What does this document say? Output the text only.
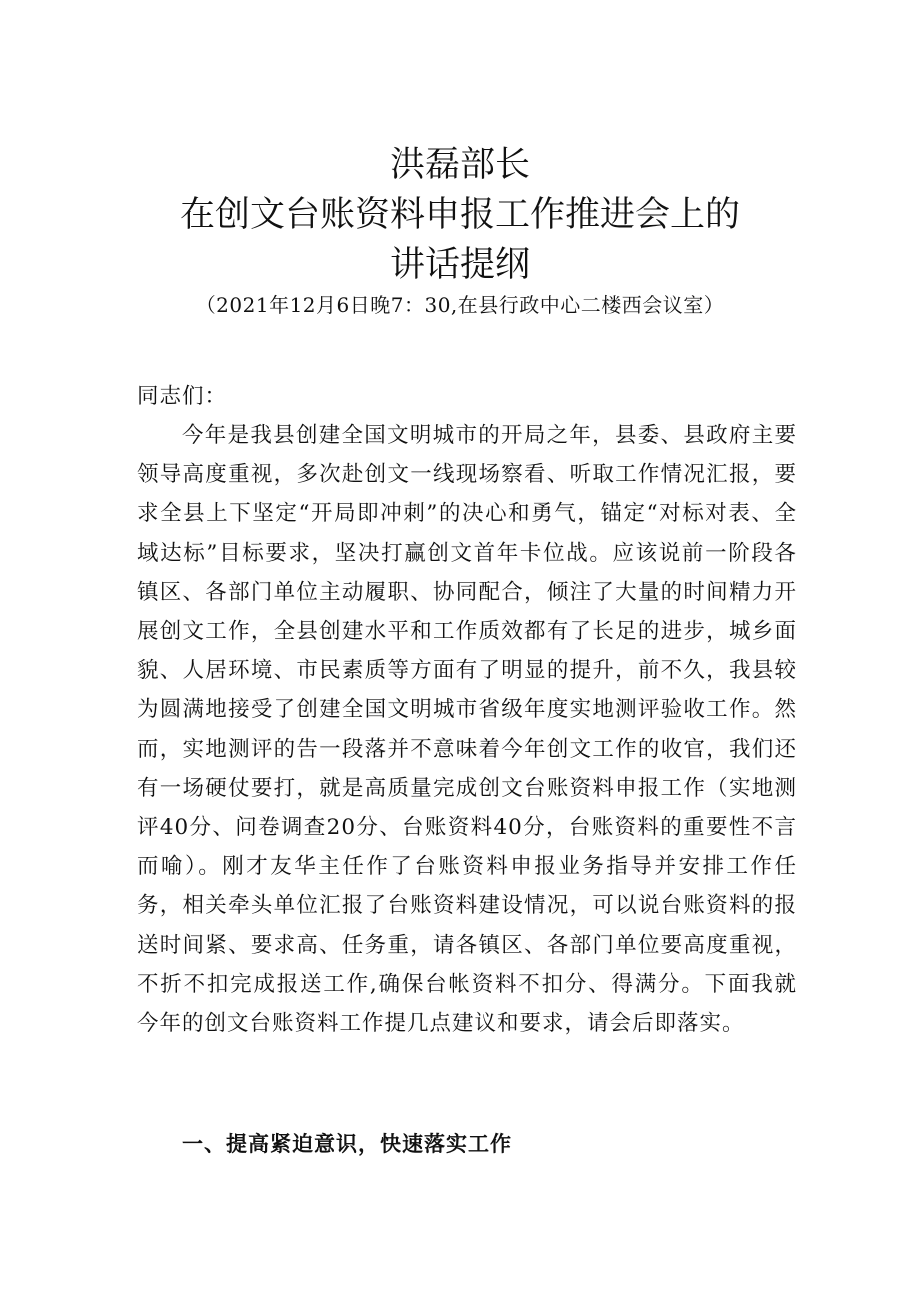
洪磊部长
在创文台账资料申报工作推进会上的
讲话提纲
（2021年12月6日晚7：30,在县行政中心二楼西会议室）

同志们：

今年是我县创建全国文明城市的开局之年，县委、县政府主要领导高度重视，多次赴创文一线现场察看、听取工作情况汇报，要求全县上下坚定“开局即冲刺”的决心和勇气，锚定“对标对表、全域达标”目标要求，坚决打赢创文首年卡位战。应该说前一阶段各镇区、各部门单位主动履职、协同配合，倾注了大量的时间精力开展创文工作，全县创建水平和工作质效都有了长足的进步，城乡面貌、人居环境、市民素质等方面有了明显的提升，前不久，我县较为圆满地接受了创建全国文明城市省级年度实地测评验收工作。然而，实地测评的告一段落并不意味着今年创文工作的收官，我们还有一场硬仗要打，就是高质量完成创文台账资料申报工作（实地测评40分、问卷调查20分、台账资料40分，台账资料的重要性不言而喻）。刚才友华主任作了台账资料申报业务指导并安排工作任务，相关牵头单位汇报了台账资料建设情况，可以说台账资料的报送时间紧、要求高、任务重，请各镇区、各部门单位要高度重视，不折不扣完成报送工作,确保台帐资料不扣分、得满分。下面我就今年的创文台账资料工作提几点建议和要求，请会后即落实。

一、提高紧迫意识，快速落实工作
